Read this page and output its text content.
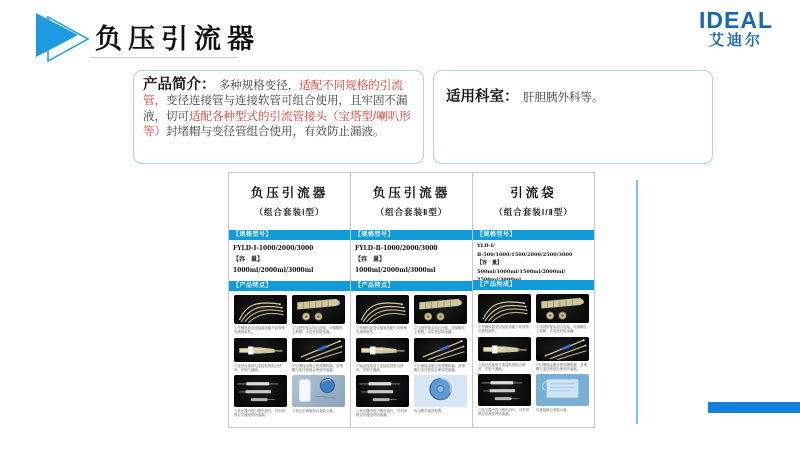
负压引流器
IDEAL
艾迪尔
产品简介： 多种规格变径，适配不同规格的引流管，变径连接管与连接软管可组合使用，且牢固不漏液，切可适配各种型式的引流管接头（宝塔型/喇叭形等）封堵帽与变径管组合使用，有效防止漏液。
适用科室： 肝胆胰外科等。
负压引流器
（组合套装Ⅰ型）
【规格型号】
FYLD-Ⅰ-1000/2000/3000
【容　量】
1000ml/2000ml/3000ml
【产品特点】
①外侧软质变径接管适配不同规格引流管组件。
②宝塔型接头组合连接，可塞帽孔上锁紧，多层密封防渗漏。
③变径连接管与连接软管组合使用，牢固不漏液。
④引流接头配合密封圈防漏，封堵帽与变径管组合使用防渗漏。
⑤负压器内腔口锥形设计，可牢固锁合引流组件防渗漏。
⑥负压引流瓶组合套装示意。
负压引流器
（组合套装Ⅱ型）
【规格型号】
FYLD-Ⅱ-1000/2000/3000
【容　量】
1000ml/2000ml/3000ml
【产品特点】
①外侧软质变径接管适配不同规格引流管组件。
②宝塔型接头组合连接，可塞帽孔上锁紧，多层密封防渗漏。
③变径连接管与连接软管组合使用，牢固不漏液。
④引流接头配合密封圈防漏，封堵帽与变径管组合使用防渗漏。
⑤负压器内腔口锥形设计，可牢固锁合引流组件防渗漏。
负压吸引球顶视图。
引流袋
（组合套装Ⅰ/Ⅱ型）
【规格型号】
YLD-Ⅰ/Ⅱ-500/1000/1500/2000/2500/3000
【容　量】
500ml/1000ml/1500ml/2000ml/
【产品构成】
①外侧软质变径接管适配不同规格引流管组件。
②宝塔型接头组合连接，可塞帽孔上锁紧，多层密封防渗漏。
③变径连接管与连接软管组合使用，牢固不漏液。
④引流接头配合密封圈防漏，封堵帽与变径管组合使用防渗漏。
⑤负压器内腔口锥形设计，可牢固锁合引流组件防渗漏。
引流袋组合套装示意。
